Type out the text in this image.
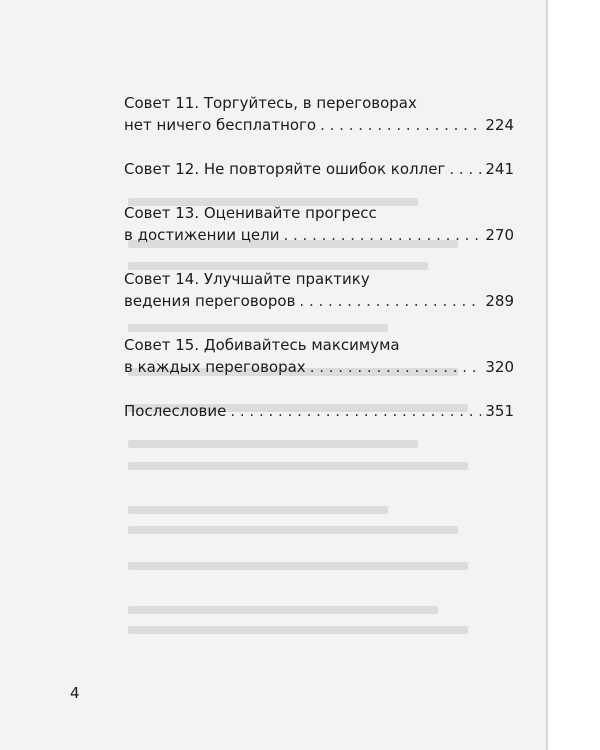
Совет 11. Торгуйтесь, в переговорах
нет ничего бесплатного . . .	224
Совет 12. Не повторяйте ошибок коллег . . .	241
Совет 13. Оценивайте прогресс
в достижении цели . . .	270
Совет 14. Улучшайте практику
ведения переговоров . . .	289
Совет 15. Добивайтесь максимума
в каждых переговорах . . .	320
Послесловие . . .	351
4
